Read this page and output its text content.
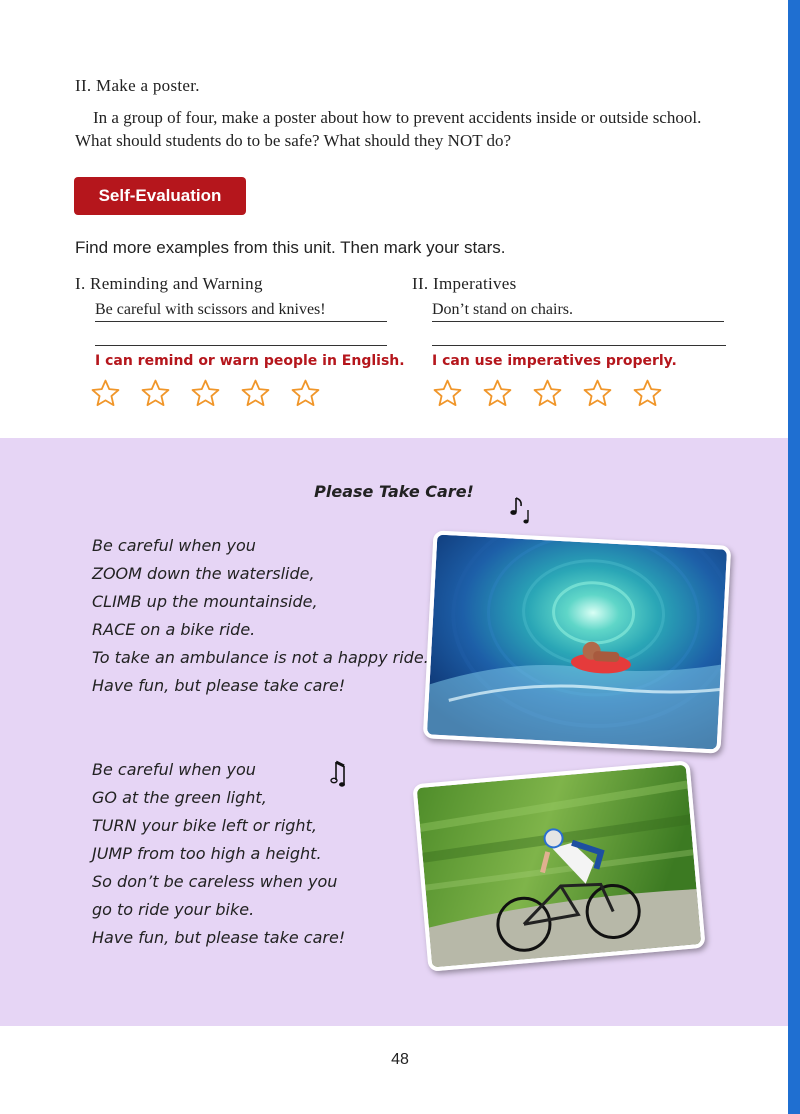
II. Make a poster.
In a group of four, make a poster about how to prevent accidents inside or outside school. What should students do to be safe? What should they NOT do?
Self-Evaluation
Find more examples from this unit. Then mark your stars.
I. Reminding and Warning
Be careful with scissors and knives!
I can remind or warn people in English.
II. Imperatives
Don’t stand on chairs.
I can use imperatives properly.
Please Take Care!
Be careful when you
ZOOM down the waterslide,
CLIMB up the mountainside,
RACE on a bike ride.
To take an ambulance is not a happy ride.
Have fun, but please take care!
Be careful when you
GO at the green light,
TURN your bike left or right,
JUMP from too high a height.
So don’t be careless when you
go to ride your bike.
Have fun, but please take care!
48
